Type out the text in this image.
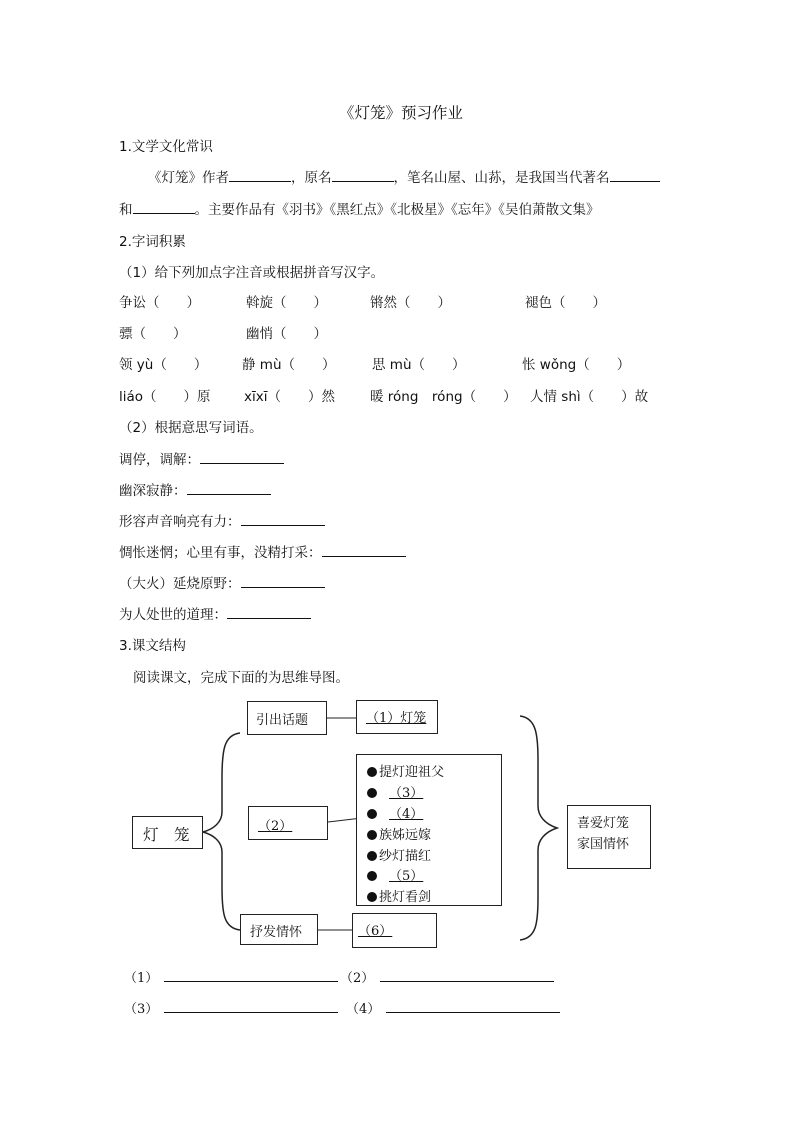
《灯笼》预习作业
1.文学文化常识
《灯笼》作者	，原名	，笔名山屋、山荪，是我国当代著名
和	。主要作品有《羽书》《黑红点》《北极星》《忘年》《吴伯萧散文集》
2.字词积累
（1）给下列加点字注音或根据拼音写汉字。
争讼（　　）	斡旋（　　）	锵然（　　）	褪色（　　）
骠（　　）	幽悄（　　）
领 yù（　　）	静 mù（　　）	思 mù（　　）	怅 wǒng（　　）
liáo（　　）原 xīxī（　　）然	暖 róng　róng（　　） 人情 shì（　　）故
（2）根据意思写词语。
调停，调解：
幽深寂静：
形容声音响亮有力：
惆怅迷惘；心里有事，没精打采：
（大火）延烧原野：
为人处世的道理：
3.课文结构
阅读课文，完成下面的为思维导图。
灯　笼
引出话题	（1）灯笼
（2）
提灯迎祖父
（3）
（4）
族姊远嫁
纱灯描红
（5）
挑灯看剑
抒发情怀	（6）
喜爱灯笼
家国情怀
（1）	（2）
（3）	（4）
